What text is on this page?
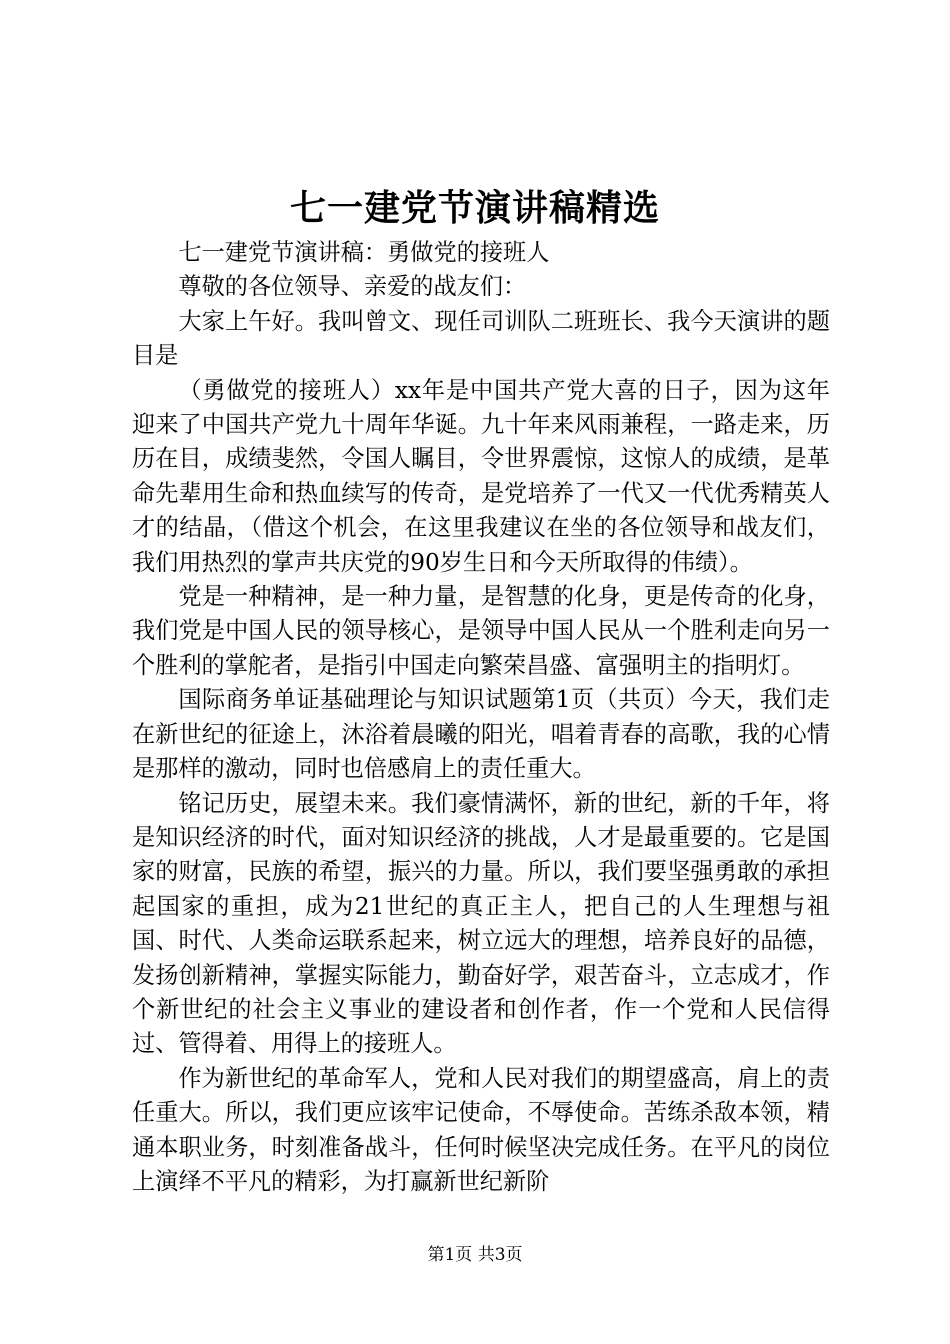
七一建党节演讲稿精选

七一建党节演讲稿：勇做党的接班人

尊敬的各位领导、亲爱的战友们：

大家上午好。我叫曾文、现任司训队二班班长、我今天演讲的题目是

（勇做党的接班人）xx年是中国共产党大喜的日子，因为这年迎来了中国共产党九十周年华诞。九十年来风雨兼程，一路走来，历历在目，成绩斐然，令国人瞩目，令世界震惊，这惊人的成绩，是革命先辈用生命和热血续写的传奇，是党培养了一代又一代优秀精英人才的结晶，（借这个机会，在这里我建议在坐的各位领导和战友们，我们用热烈的掌声共庆党的90岁生日和今天所取得的伟绩）。

党是一种精神，是一种力量，是智慧的化身，更是传奇的化身，我们党是中国人民的领导核心，是领导中国人民从一个胜利走向另一个胜利的掌舵者，是指引中国走向繁荣昌盛、富强明主的指明灯。

国际商务单证基础理论与知识试题第1页（共页）今天，我们走在新世纪的征途上，沐浴着晨曦的阳光，唱着青春的高歌，我的心情是那样的激动，同时也倍感肩上的责任重大。

铭记历史，展望未来。我们豪情满怀，新的世纪，新的千年，将是知识经济的时代，面对知识经济的挑战，人才是最重要的。它是国家的财富，民族的希望，振兴的力量。所以，我们要坚强勇敢的承担起国家的重担，成为21世纪的真正主人，把自己的人生理想与祖国、时代、人类命运联系起来，树立远大的理想，培养良好的品德，发扬创新精神，掌握实际能力，勤奋好学，艰苦奋斗，立志成才，作个新世纪的社会主义事业的建设者和创作者，作一个党和人民信得过、管得着、用得上的接班人。

作为新世纪的革命军人，党和人民对我们的期望盛高，肩上的责任重大。所以，我们更应该牢记使命，不辱使命。苦练杀敌本领，精通本职业务，时刻准备战斗，任何时候坚决完成任务。在平凡的岗位上演绎不平凡的精彩，为打赢新世纪新阶

第1页 共3页
